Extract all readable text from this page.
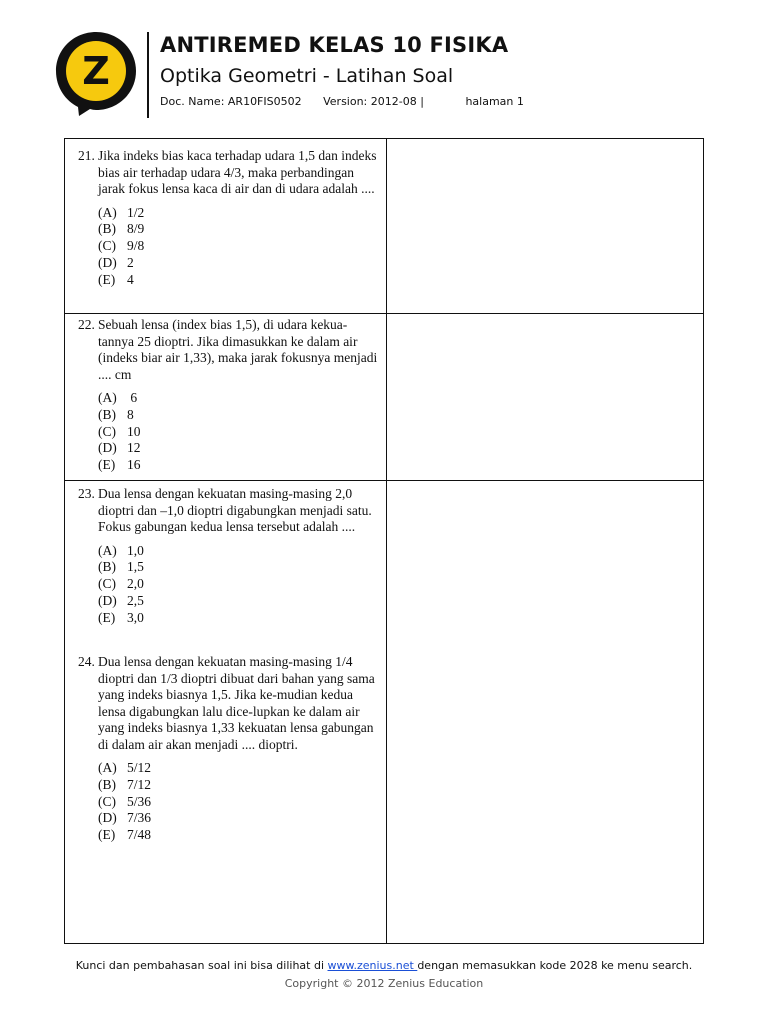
Z
ANTIREMED KELAS 10 FISIKA
Optika Geometri - Latihan Soal
Doc. Name: AR10FIS0502 Version: 2012-08 |	halaman 1
21. Jika indeks bias kaca terhadap udara 1,5 dan indeks bias air terhadap udara 4/3, maka perbandingan jarak fokus lensa kaca di air dan di udara adalah ....
(A) 1/2
(B) 8/9
(C) 9/8
(D) 2
(E) 4
22. Sebuah lensa (index bias 1,5), di udara kekua-tannya 25 dioptri. Jika dimasukkan ke dalam air (indeks biar air 1,33), maka jarak fokusnya menjadi .... cm
(A) 6
(B) 8
(C) 10
(D) 12
(E) 16
23. Dua lensa dengan kekuatan masing-masing 2,0 dioptri dan –1,0 dioptri digabungkan menjadi satu. Fokus gabungan kedua lensa tersebut adalah ....
(A) 1,0
(B) 1,5
(C) 2,0
(D) 2,5
(E) 3,0
24. Dua lensa dengan kekuatan masing-masing 1/4 dioptri dan 1/3 dioptri dibuat dari bahan yang sama yang indeks biasnya 1,5. Jika ke-mudian kedua lensa digabungkan lalu dice-lupkan ke dalam air yang indeks biasnya 1,33 kekuatan lensa gabungan di dalam air akan menjadi .... dioptri.
(A) 5/12
(B) 7/12
(C) 5/36
(D) 7/36
(E) 7/48
Kunci dan pembahasan soal ini bisa dilihat di www.zenius.net dengan memasukkan kode 2028 ke menu search.
Copyright © 2012 Zenius Education
